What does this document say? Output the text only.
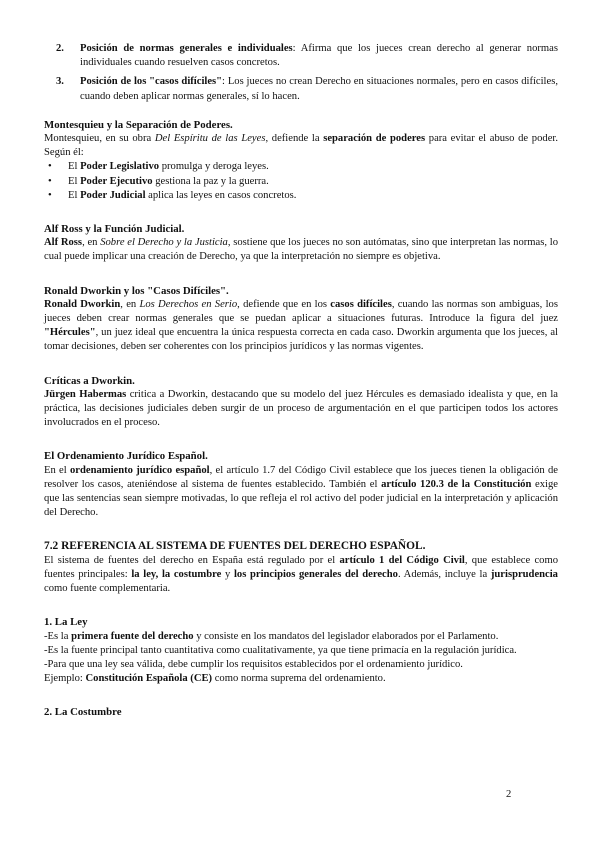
2. Posición de normas generales e individuales: Afirma que los jueces crean derecho al generar normas individuales cuando resuelven casos concretos.
3. Posición de los "casos difíciles": Los jueces no crean Derecho en situaciones normales, pero en casos difíciles, cuando deben aplicar normas generales, sí lo hacen.
Montesquieu y la Separación de Poderes.

Montesquieu, en su obra Del Espíritu de las Leyes, defiende la separación de poderes para evitar el abuso de poder. Según él:

• El Poder Legislativo promulga y deroga leyes.
• El Poder Ejecutivo gestiona la paz y la guerra.
• El Poder Judicial aplica las leyes en casos concretos.
Alf Ross y la Función Judicial.

Alf Ross, en Sobre el Derecho y la Justicia, sostiene que los jueces no son autómatas, sino que interpretan las normas, lo cual puede implicar una creación de Derecho, ya que la interpretación no siempre es objetiva.

Ronald Dworkin y los "Casos Difíciles".

Ronald Dworkin, en Los Derechos en Serio, defiende que en los casos difíciles, cuando las normas son ambiguas, los jueces deben crear normas generales que se puedan aplicar a situaciones futuras. Introduce la figura del juez "Hércules", un juez ideal que encuentra la única respuesta correcta en cada caso. Dworkin argumenta que los jueces, al tomar decisiones, deben ser coherentes con los principios jurídicos y las normas vigentes.

Críticas a Dworkin.

Jürgen Habermas critica a Dworkin, destacando que su modelo del juez Hércules es demasiado idealista y que, en la práctica, las decisiones judiciales deben surgir de un proceso de argumentación en el que participen todos los actores involucrados en el proceso.

El Ordenamiento Jurídico Español.

En el ordenamiento jurídico español, el artículo 1.7 del Código Civil establece que los jueces tienen la obligación de resolver los casos, ateniéndose al sistema de fuentes establecido. También el artículo 120.3 de la Constitución exige que las sentencias sean siempre motivadas, lo que refleja el rol activo del poder judicial en la interpretación y aplicación del Derecho.

7.2 REFERENCIA AL SISTEMA DE FUENTES DEL DERECHO ESPAÑOL.

El sistema de fuentes del derecho en España está regulado por el artículo 1 del Código Civil, que establece como fuentes principales: la ley, la costumbre y los principios generales del derecho. Además, incluye la jurisprudencia como fuente complementaria.

1. La Ley

-Es la primera fuente del derecho y consiste en los mandatos del legislador elaborados por el Parlamento.

-Es la fuente principal tanto cuantitativa como cualitativamente, ya que tiene primacía en la regulación jurídica.

-Para que una ley sea válida, debe cumplir los requisitos establecidos por el ordenamiento jurídico.

Ejemplo: Constitución Española (CE) como norma suprema del ordenamiento.

2. La Costumbre
2
